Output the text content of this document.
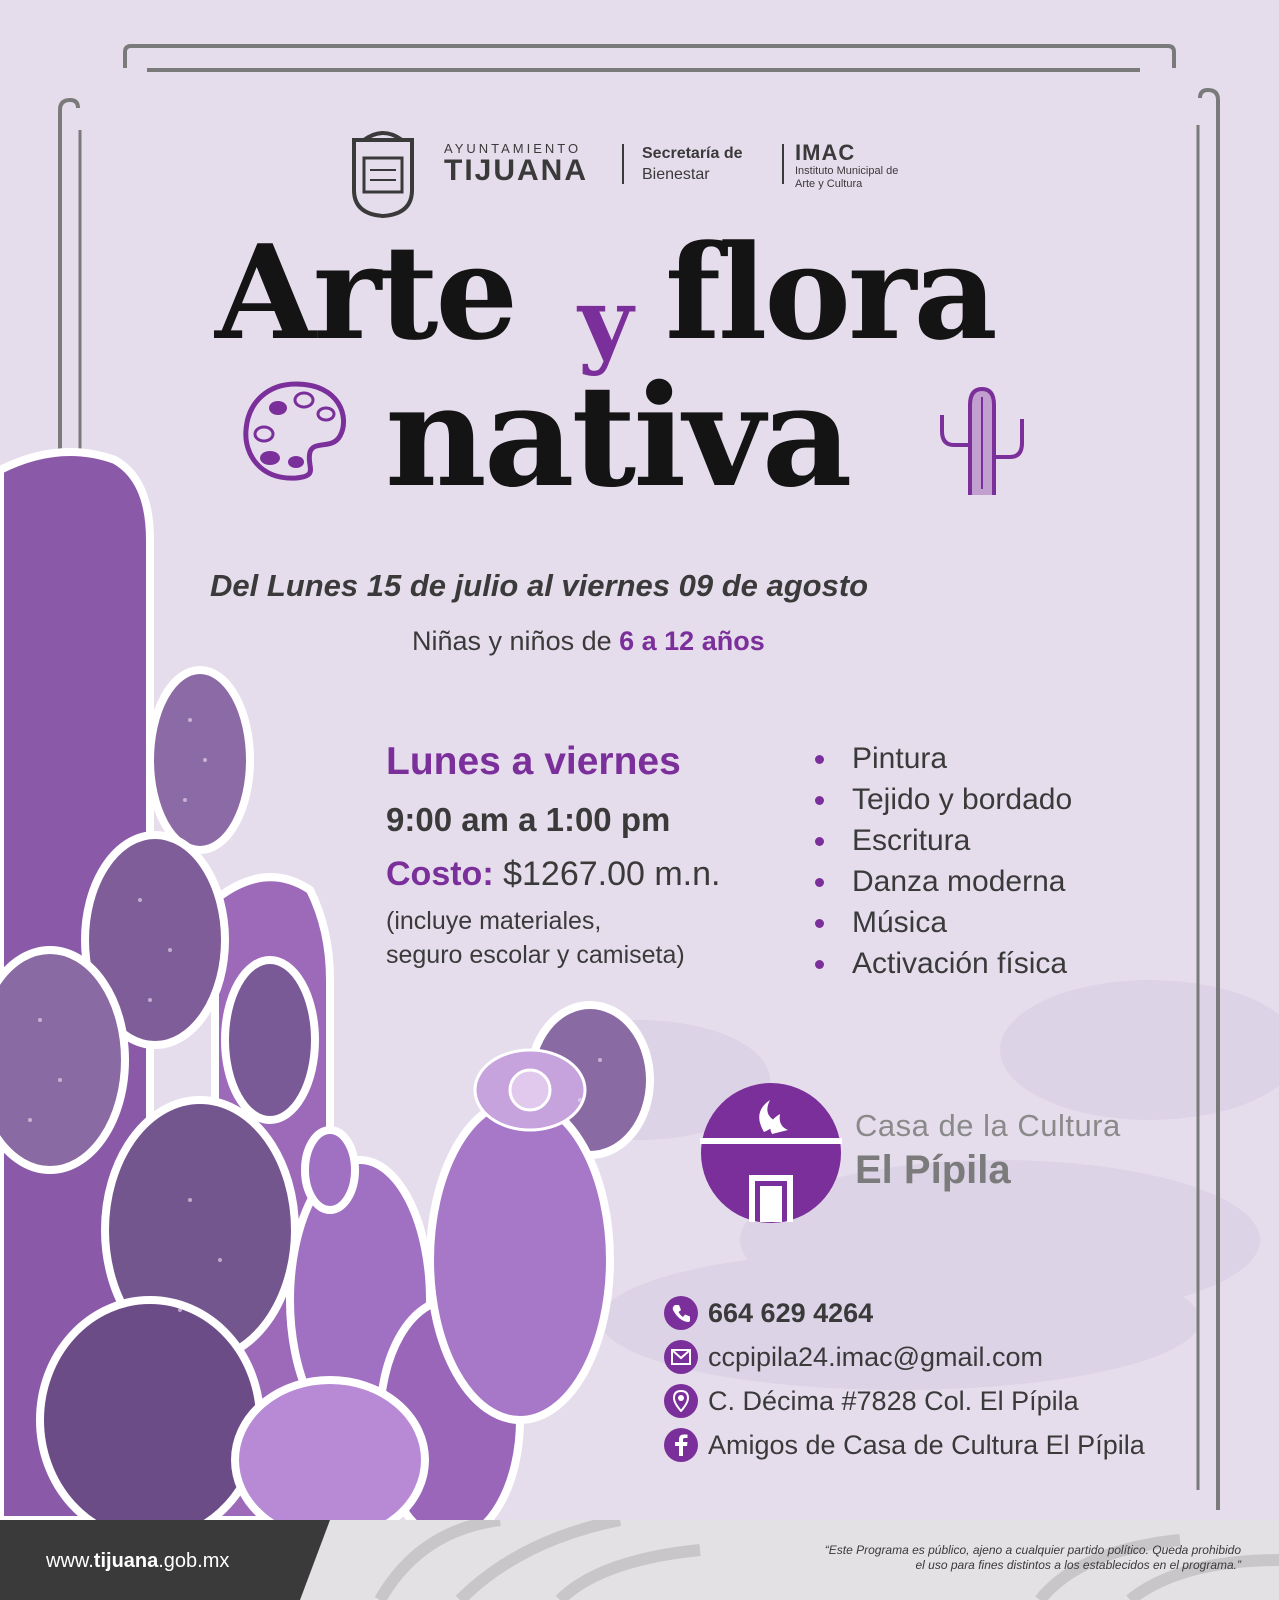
AYUNTAMIENTO
TIJUANA
Secretaría de
Bienestar
IMAC
Instituto Municipal de
Arte y Cultura
Arte y flora
nativa
Del Lunes 15 de julio al viernes 09 de agosto
Niñas y niños de 6 a 12 años
Lunes a viernes
9:00 am a 1:00 pm
Costo: $1267.00 m.n.
(incluye materiales,
seguro escolar y camiseta)
Pintura
Tejido y bordado
Escritura
Danza moderna
Música
Activación física
Casa de la Cultura
El Pípila
664 629 4264
ccpipila24.imac@gmail.com
C. Décima #7828 Col. El Pípila
Amigos de Casa de Cultura El Pípila
www.tijuana.gob.mx	“Este Programa es público, ajeno a cualquier partido político. Queda prohibido
el uso para fines distintos a los establecidos en el programa.”
